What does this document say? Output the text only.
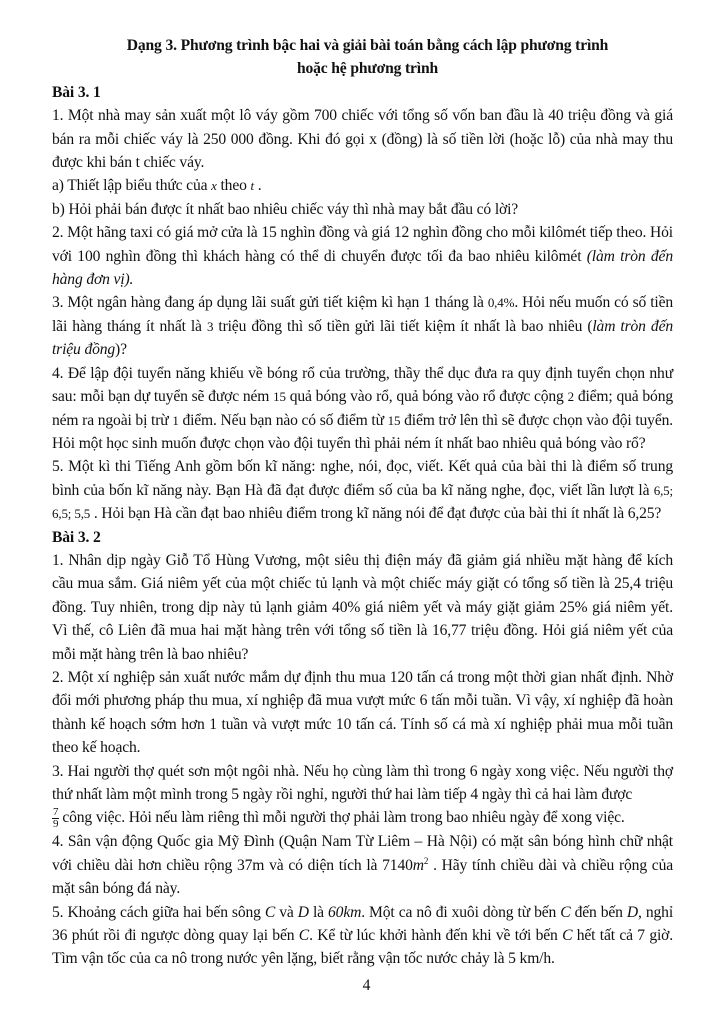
Dạng 3. Phương trình bậc hai và giải bài toán bằng cách lập phương trình

hoặc hệ phương trình

Bài 3. 1

1. Một nhà may sản xuất một lô váy gồm 700 chiếc với tổng số vốn ban đầu là 40 triệu đồng và giá bán ra mỗi chiếc váy là 250 000 đồng. Khi đó gọi x (đồng) là số tiền lời (hoặc lỗ) của nhà may thu được khi bán t chiếc váy.

a) Thiết lập biểu thức của x theo t .

b) Hỏi phải bán được ít nhất bao nhiêu chiếc váy thì nhà may bắt đầu có lời?

2. Một hãng taxi có giá mở cửa là 15 nghìn đồng và giá 12 nghìn đồng cho mỗi kilômét tiếp theo. Hỏi với 100 nghìn đồng thì khách hàng có thể di chuyển được tối đa bao nhiêu kilômét (làm tròn đến hàng đơn vị).

3. Một ngân hàng đang áp dụng lãi suất gửi tiết kiệm kì hạn 1 tháng là 0,4%. Hỏi nếu muốn có số tiền lãi hàng tháng ít nhất là 3 triệu đồng thì số tiền gửi lãi tiết kiệm ít nhất là bao nhiêu (làm tròn đến triệu đồng)?

4. Để lập đội tuyển năng khiếu về bóng rổ của trường, thầy thể dục đưa ra quy định tuyển chọn như sau: mỗi bạn dự tuyển sẽ được ném 15 quả bóng vào rổ, quả bóng vào rổ được cộng 2 điểm; quả bóng ném ra ngoài bị trừ 1 điểm. Nếu bạn nào có số điểm từ 15 điểm trở lên thì sẽ được chọn vào đội tuyển. Hỏi một học sinh muốn được chọn vào đội tuyển thì phải ném ít nhất bao nhiêu quả bóng vào rổ?

5. Một kì thi Tiếng Anh gồm bốn kĩ năng: nghe, nói, đọc, viết. Kết quả của bài thi là điểm số trung bình của bốn kĩ năng này. Bạn Hà đã đạt được điểm số của ba kĩ năng nghe, đọc, viết lần lượt là 6,5; 6,5; 5,5 . Hỏi bạn Hà cần đạt bao nhiêu điểm trong kĩ năng nói để đạt được của bài thi ít nhất là 6,25?

Bài 3. 2

1. Nhân dịp ngày Giỗ Tổ Hùng Vương, một siêu thị điện máy đã giảm giá nhiều mặt hàng để kích cầu mua sắm. Giá niêm yết của một chiếc tủ lạnh và một chiếc máy giặt có tổng số tiền là 25,4 triệu đồng. Tuy nhiên, trong dịp này tủ lạnh giảm 40% giá niêm yết và máy giặt giảm 25% giá niêm yết. Vì thế, cô Liên đã mua hai mặt hàng trên với tổng số tiền là 16,77 triệu đồng. Hỏi giá niêm yết của mỗi mặt hàng trên là bao nhiêu?

2. Một xí nghiệp sản xuất nước mắm dự định thu mua 120 tấn cá trong một thời gian nhất định. Nhờ đổi mới phương pháp thu mua, xí nghiệp đã mua vượt mức 6 tấn mỗi tuần. Vì vậy, xí nghiệp đã hoàn thành kế hoạch sớm hơn 1 tuần và vượt mức 10 tấn cá. Tính số cá mà xí nghiệp phải mua mỗi tuần theo kế hoạch.

3. Hai người thợ quét sơn một ngôi nhà. Nếu họ cùng làm thì trong 6 ngày xong việc. Nếu người thợ thứ nhất làm một mình trong 5 ngày rồi nghỉ, người thứ hai làm tiếp 4 ngày thì cả hai làm được

$\frac{7}{9}$ công việc. Hỏi nếu làm riêng thì mỗi người thợ phải làm trong bao nhiêu ngày để xong việc.

4. Sân vận động Quốc gia Mỹ Đình (Quận Nam Từ Liêm – Hà Nội) có mặt sân bóng hình chữ nhật với chiều dài hơn chiều rộng 37m và có diện tích là $7140m^2$ . Hãy tính chiều dài và chiều rộng của mặt sân bóng đá này.

5. Khoảng cách giữa hai bến sông C và D là 60km. Một ca nô đi xuôi dòng từ bến C đến bến D, nghỉ 36 phút rồi đi ngược dòng quay lại bến C. Kể từ lúc khởi hành đến khi về tới bến C hết tất cả 7 giờ. Tìm vận tốc của ca nô trong nước yên lặng, biết rằng vận tốc nước chảy là 5 km/h.

4
